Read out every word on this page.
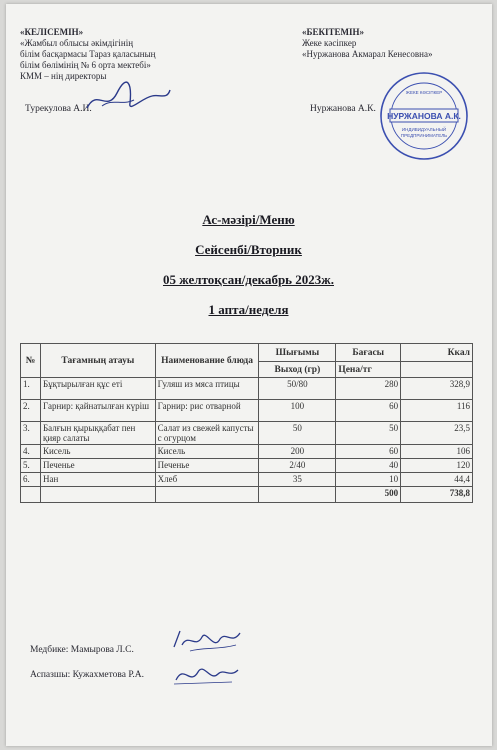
«КЕЛІСЕМІН»
«Жамбыл облысы әкімдігінің
білім басқармасы Тараз қаласының
білім бөлімінің № 6 орта мектебі»
КММ – нің директоры
Турекулова А.И.
«БЕКІТЕМІН»
Жеке кәсіпкер
«Нуржанова Акмарал Кенесовна»
Нуржанова А.К.
НУРЖАНОВА А.К.
ЖЕКЕ КӘСІПКЕР
ИНДИВИДУАЛЬНЫЙ
ПРЕДПРИНИМАТЕЛЬ
Ас-мәзірі/Меню
Сейсенбі/Вторник
05 желтоқсан/декабрь 2023ж.
1 апта/неделя
№	Тағамның атауы	Наименование блюда	Шығымы	Бағасы	Ккал
			Выход (гр)	Цена/тг	
1.	Бұқтырылған құс еті	Гуляш из мяса птицы	50/80	280	328,9
2.	Гарнир: қайнатылған күріш	Гарнир: рис отварной	100	60	116
3.	Балғын қырыққабат пен қияр салаты	Салат из свежей капусты с огурцом	50	50	23,5
4.	Кисель	Кисель	200	60	106
5.	Печенье	Печенье	2/40	40	120
6.	Нан	Хлеб	35	10	44,4
				500	738,8
Медбике: Мамырова Л.С.
Аспазшы: Кужахметова Р.А.
